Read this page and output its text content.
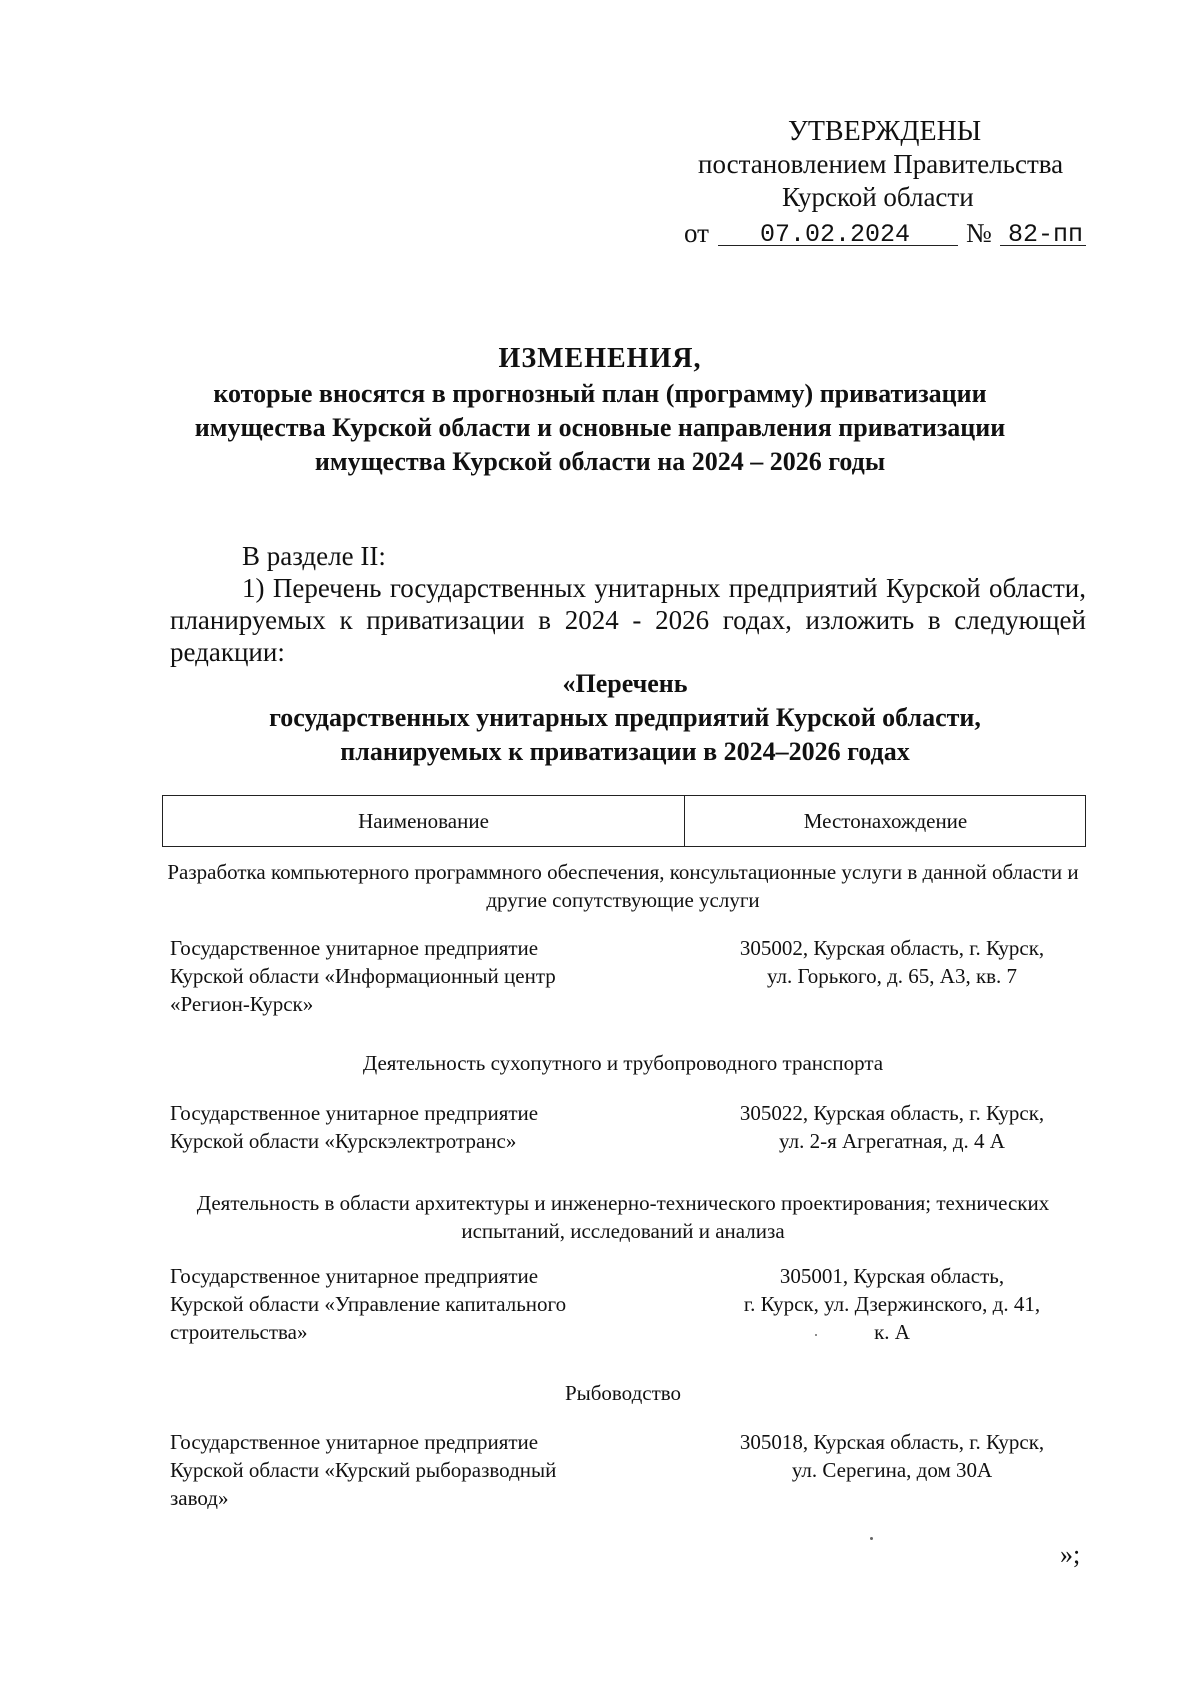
УТВЕРЖДЕНЫ
постановлением Правительства
Курской области
от 07.02.2024 № 82-пп
ИЗМЕНЕНИЯ,
которые вносятся в прогнозный план (программу) приватизации
имущества Курской области и основные направления приватизации
имущества Курской области на 2024 – 2026 годы
В разделе II:
1) Перечень государственных унитарных предприятий Курской области, планируемых к приватизации в 2024 - 2026 годах, изложить в следующей редакции:
«Перечень
государственных унитарных предприятий Курской области,
планируемых к приватизации в 2024–2026 годах
Наименование	Местонахождение
Разработка компьютерного программного обеспечения, консультационные услуги в данной области и другие сопутствующие услуги
Государственное унитарное предприятие
Курской области «Информационный центр
«Регион-Курск»
305002, Курская область, г. Курск,
ул. Горького, д. 65, А3, кв. 7
Деятельность сухопутного и трубопроводного транспорта
Государственное унитарное предприятие
Курской области «Курскэлектротранс»
305022, Курская область, г. Курск,
ул. 2-я Агрегатная, д. 4 А
Деятельность в области архитектуры и инженерно-технического проектирования; технических испытаний, исследований и анализа
Государственное унитарное предприятие
Курской области «Управление капитального
строительства»
305001, Курская область,
г. Курск, ул. Дзержинского, д. 41,
к. А
Рыбоводство
Государственное унитарное предприятие
Курской области «Курский рыборазводный
завод»
305018, Курская область, г. Курск,
ул. Серегина, дом 30А
»;
